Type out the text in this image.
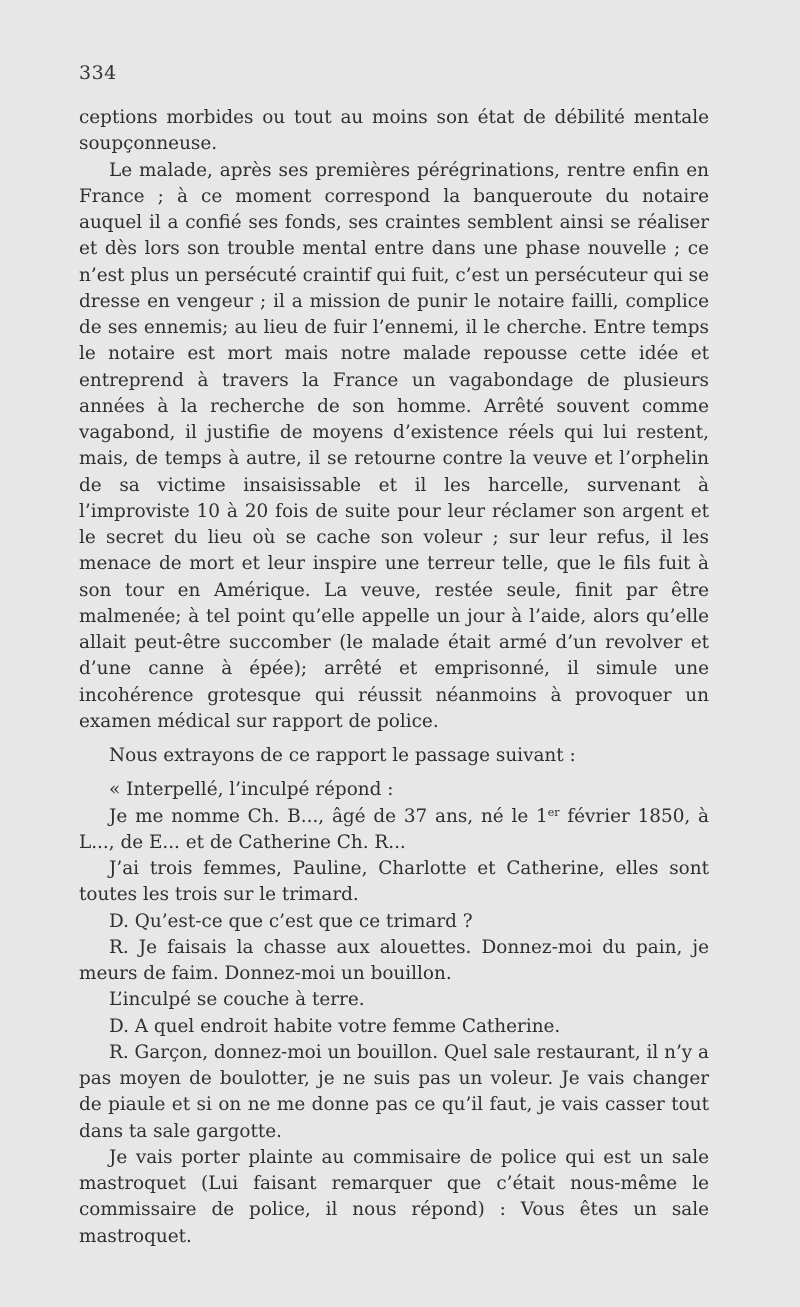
334

ceptions morbides ou tout au moins son état de débilité mentale soupçonneuse.

Le malade, après ses premières pérégrinations, rentre enfin en France ; à ce moment correspond la banqueroute du notaire auquel il a confié ses fonds, ses craintes semblent ainsi se réaliser et dès lors son trouble mental entre dans une phase nouvelle ; ce n’est plus un persécuté craintif qui fuit, c’est un persécuteur qui se dresse en vengeur ; il a mission de punir le notaire failli, complice de ses ennemis; au lieu de fuir l’ennemi, il le cherche. Entre temps le notaire est mort mais notre malade repousse cette idée et entreprend à travers la France un vagabondage de plusieurs années à la recherche de son homme. Arrêté souvent comme vagabond, il justifie de moyens d’existence réels qui lui restent, mais, de temps à autre, il se retourne contre la veuve et l’orphelin de sa victime insaisissable et il les harcelle, survenant à l’improviste 10 à 20 fois de suite pour leur réclamer son argent et le secret du lieu où se cache son voleur ; sur leur refus, il les menace de mort et leur inspire une terreur telle, que le fils fuit à son tour en Amérique. La veuve, restée seule, finit par être malmenée; à tel point qu’elle appelle un jour à l’aide, alors qu’elle allait peut-être succomber (le malade était armé d’un revolver et d’une canne à épée); arrêté et emprisonné, il simule une incohérence grotesque qui réussit néanmoins à provoquer un examen médical sur rapport de police.

Nous extrayons de ce rapport le passage suivant :

« Interpellé, l’inculpé répond :

Je me nomme Ch. B..., âgé de 37 ans, né le 1er février 1850, à L..., de E... et de Catherine Ch. R...

J’ai trois femmes, Pauline, Charlotte et Catherine, elles sont toutes les trois sur le trimard.

D. Qu’est-ce que c’est que ce trimard ?

R. Je faisais la chasse aux alouettes. Donnez-moi du pain, je meurs de faim. Donnez-moi un bouillon.

L’inculpé se couche à terre.

D. A quel endroit habite votre femme Catherine.

R. Garçon, donnez-moi un bouillon. Quel sale restaurant, il n’y a pas moyen de boulotter, je ne suis pas un voleur. Je vais changer de piaule et si on ne me donne pas ce qu’il faut, je vais casser tout dans ta sale gargotte.

Je vais porter plainte au commisaire de police qui est un sale mastroquet (Lui faisant remarquer que c’était nous-même le commissaire de police, il nous répond) : Vous êtes un sale mastroquet.
